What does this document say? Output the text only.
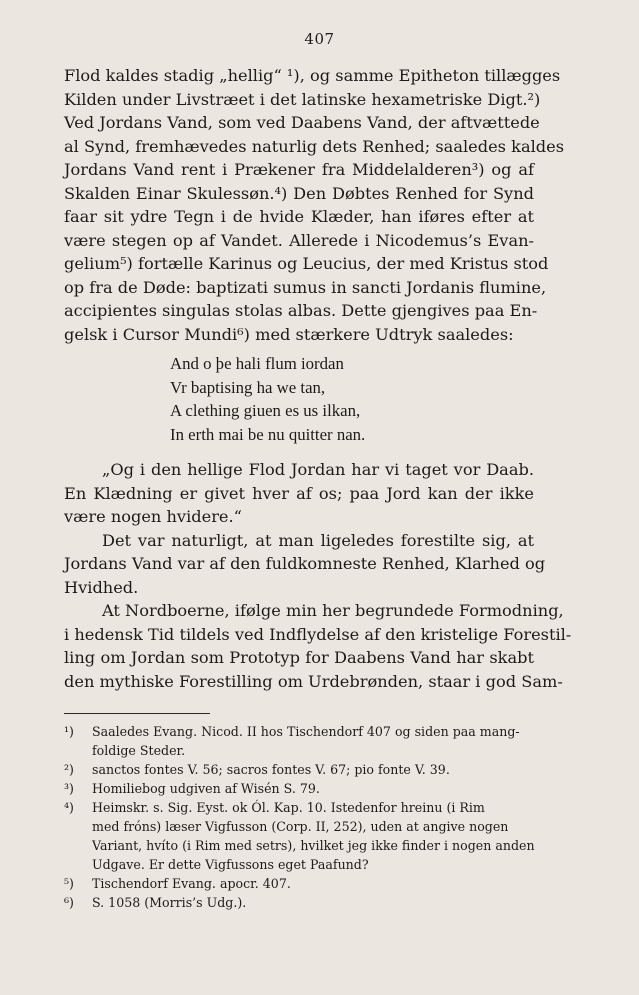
407
Flod kaldes stadig „hellig“ ¹), og samme Epitheton tillægges
Kilden under Livstræet i det latinske hexametriske Digt.²)
Ved Jordans Vand, som ved Daabens Vand, der aftvættede
al Synd, fremhævedes naturlig dets Renhed; saaledes kaldes
Jordans Vand rent i Prækener fra Middelalderen³) og af
Skalden Einar Skulessøn.⁴) Den Døbtes Renhed for Synd
faar sit ydre Tegn i de hvide Klæder, han iføres efter at
være stegen op af Vandet. Allerede i Nicodemus’s Evan-
gelium⁵) fortælle Karinus og Leucius, der med Kristus stod
op fra de Døde: baptizati sumus in sancti Jordanis flumine,
accipientes singulas stolas albas. Dette gjengives paa En-
gelsk i Cursor Mundi⁶) med stærkere Udtryk saaledes:
And o þe hali flum iordan
Vr baptising ha we tan,
A clething giuen es us ilkan,
In erth mai be nu quitter nan.
„Og i den hellige Flod Jordan har vi taget vor Daab.
En Klædning er givet hver af os; paa Jord kan der ikke
være nogen hvidere.“
Det var naturligt, at man ligeledes forestilte sig, at
Jordans Vand var af den fuldkomneste Renhed, Klarhed og
Hvidhed.
At Nordboerne, ifølge min her begrundede Formodning,
i hedensk Tid tildels ved Indflydelse af den kristelige Forestil-
ling om Jordan som Prototyp for Daabens Vand har skabt
den mythiske Forestilling om Urdebrønden, staar i god Sam-
¹)	Saaledes Evang. Nicod. II hos Tischendorf 407 og siden paa mang-
foldige Steder.
²)	sanctos fontes V. 56; sacros fontes V. 67; pio fonte V. 39.
³)	Homiliebog udgiven af Wisén S. 79.
⁴)	Heimskr. s. Sig. Eyst. ok Ól. Kap. 10. Istedenfor hreinu (i Rim
med fróns) læser Vigfusson (Corp. II, 252), uden at angive nogen
Variant, hvíto (i Rim med setrs), hvilket jeg ikke finder i nogen anden
Udgave. Er dette Vigfussons eget Paafund?
⁵)	Tischendorf Evang. apocr. 407.
⁶)	S. 1058 (Morris’s Udg.).
